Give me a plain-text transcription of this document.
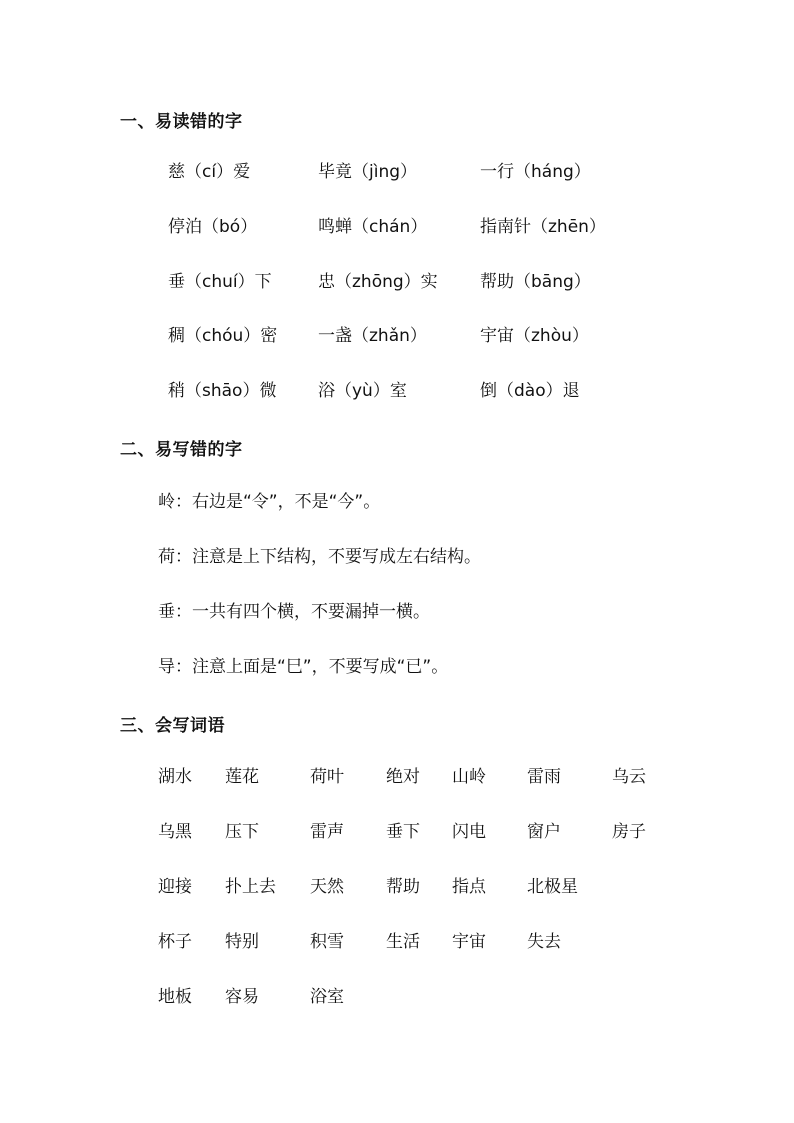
一、易读错的字
慈（cí）爱	毕竟（jìng）	一行（háng）
停泊（bó）	鸣蝉（chán）	指南针（zhēn）
垂（chuí）下	忠（zhōng）实 帮助（bāng）
稠（chóu）密 一盏（zhǎn）	宇宙（zhòu）
稍（shāo）微 浴（yù）室	倒（dào）退
二、易写错的字
岭：右边是“令”，不是“今”。
荷：注意是上下结构，不要写成左右结构。
垂：一共有四个横，不要漏掉一横。
导：注意上面是“巳”，不要写成“已”。
三、会写词语
湖水 莲花	荷叶 绝对 山岭 雷雨	乌云
乌黑 压下	雷声 垂下 闪电 窗户	房子
迎接 扑上去 天然 帮助 指点 北极星
杯子 特别	积雪 生活 宇宙 失去
地板 容易	浴室
